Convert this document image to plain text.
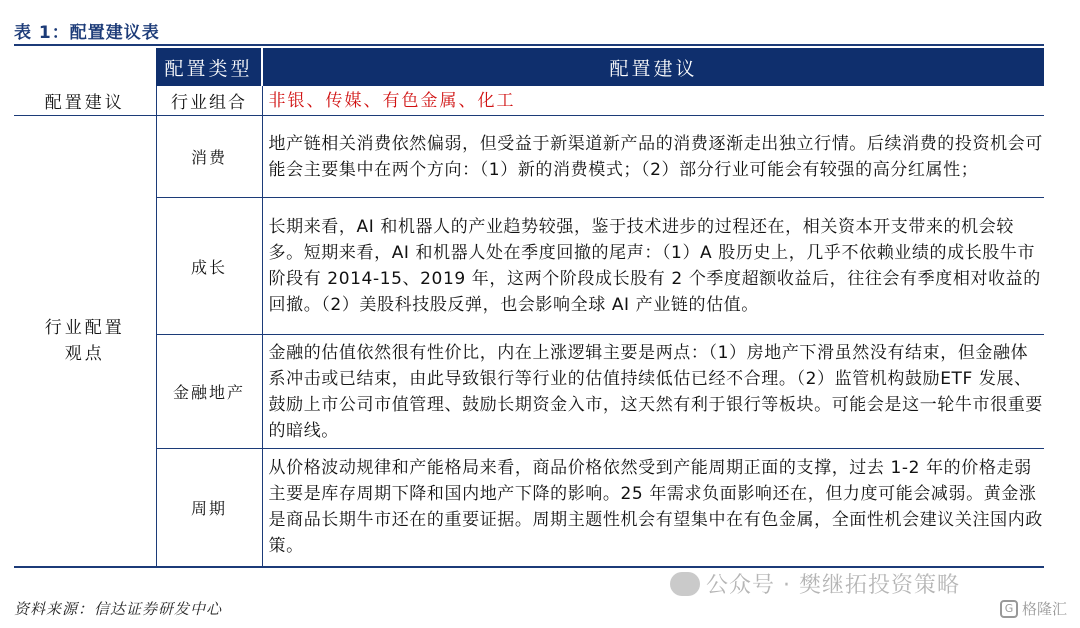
表 1：配置建议表
	配置类型	配置建议
配置建议	行业组合	非银、传媒、有色金属、化工
行业配置观点	消费	地产链相关消费依然偏弱，但受益于新渠道新产品的消费逐渐走出独立行情。后续消费的投资机会可能会主要集中在两个方向：（1）新的消费模式；（2）部分行业可能会有较强的高分红属性；
	成长	长期来看，AI 和机器人的产业趋势较强，鉴于技术进步的过程还在，相关资本开支带来的机会较多。短期来看，AI 和机器人处在季度回撤的尾声：（1）A 股历史上，几乎不依赖业绩的成长股牛市阶段有 2014-15、2019 年，这两个阶段成长股有 2 个季度超额收益后，往往会有季度相对收益的回撤。（2）美股科技股反弹，也会影响全球 AI 产业链的估值。
	金融地产	金融的估值依然很有性价比，内在上涨逻辑主要是两点：（1）房地产下滑虽然没有结束，但金融体系冲击或已结束，由此导致银行等行业的估值持续低估已经不合理。（2）监管机构鼓励ETF 发展、鼓励上市公司市值管理、鼓励长期资金入市，这天然有利于银行等板块。可能会是这一轮牛市很重要的暗线。
	周期	从价格波动规律和产能格局来看，商品价格依然受到产能周期正面的支撑，过去 1-2 年的价格走弱主要是库存周期下降和国内地产下降的影响。25 年需求负面影响还在，但力度可能会减弱。黄金涨是商品长期牛市还在的重要证据。周期主题性机会有望集中在有色金属，全面性机会建议关注国内政策。
资料来源：信达证券研发中心
公众号 · 樊继拓投资策略
G 格隆汇
